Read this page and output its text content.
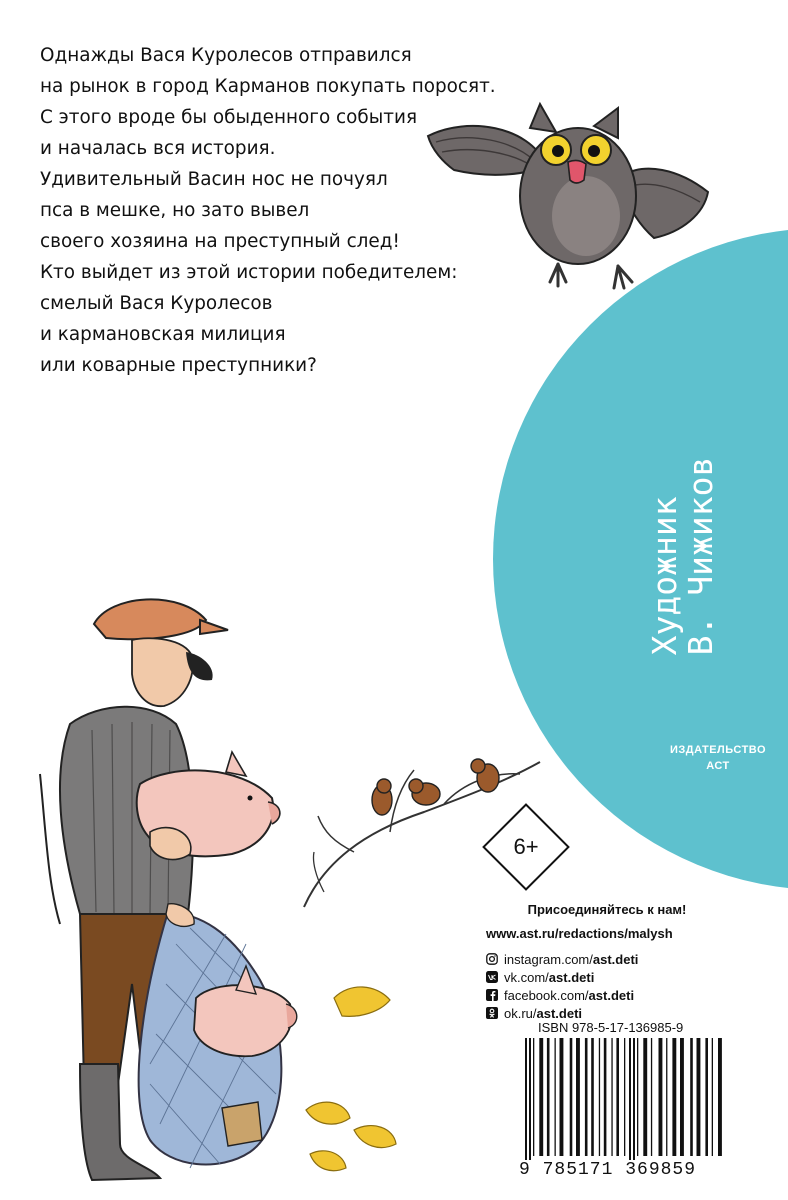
Однажды Вася Куролесов отправился
на рынок в город Карманов покупать поросят.
С этого вроде бы обыденного события
и началась вся история.
Удивительный Васин нос не почуял
пса в мешке, но зато вывел
своего хозяина на преступный след!
Кто выйдет из этой истории победителем:
смелый Вася Куролесов
и кармановская милиция
или коварные преступники?
Художник
В. Чижиков
ИЗДАТЕЛЬСТВО
АСТ
6+
Присоединяйтесь к нам!
www.ast.ru/redactions/malysh
instagram.com/ ast.deti
vk.com/ ast.deti
facebook.com/ ast.deti
ok.ru/ ast.deti
ISBN 978-5-17-136985-9
9 785171 369859
